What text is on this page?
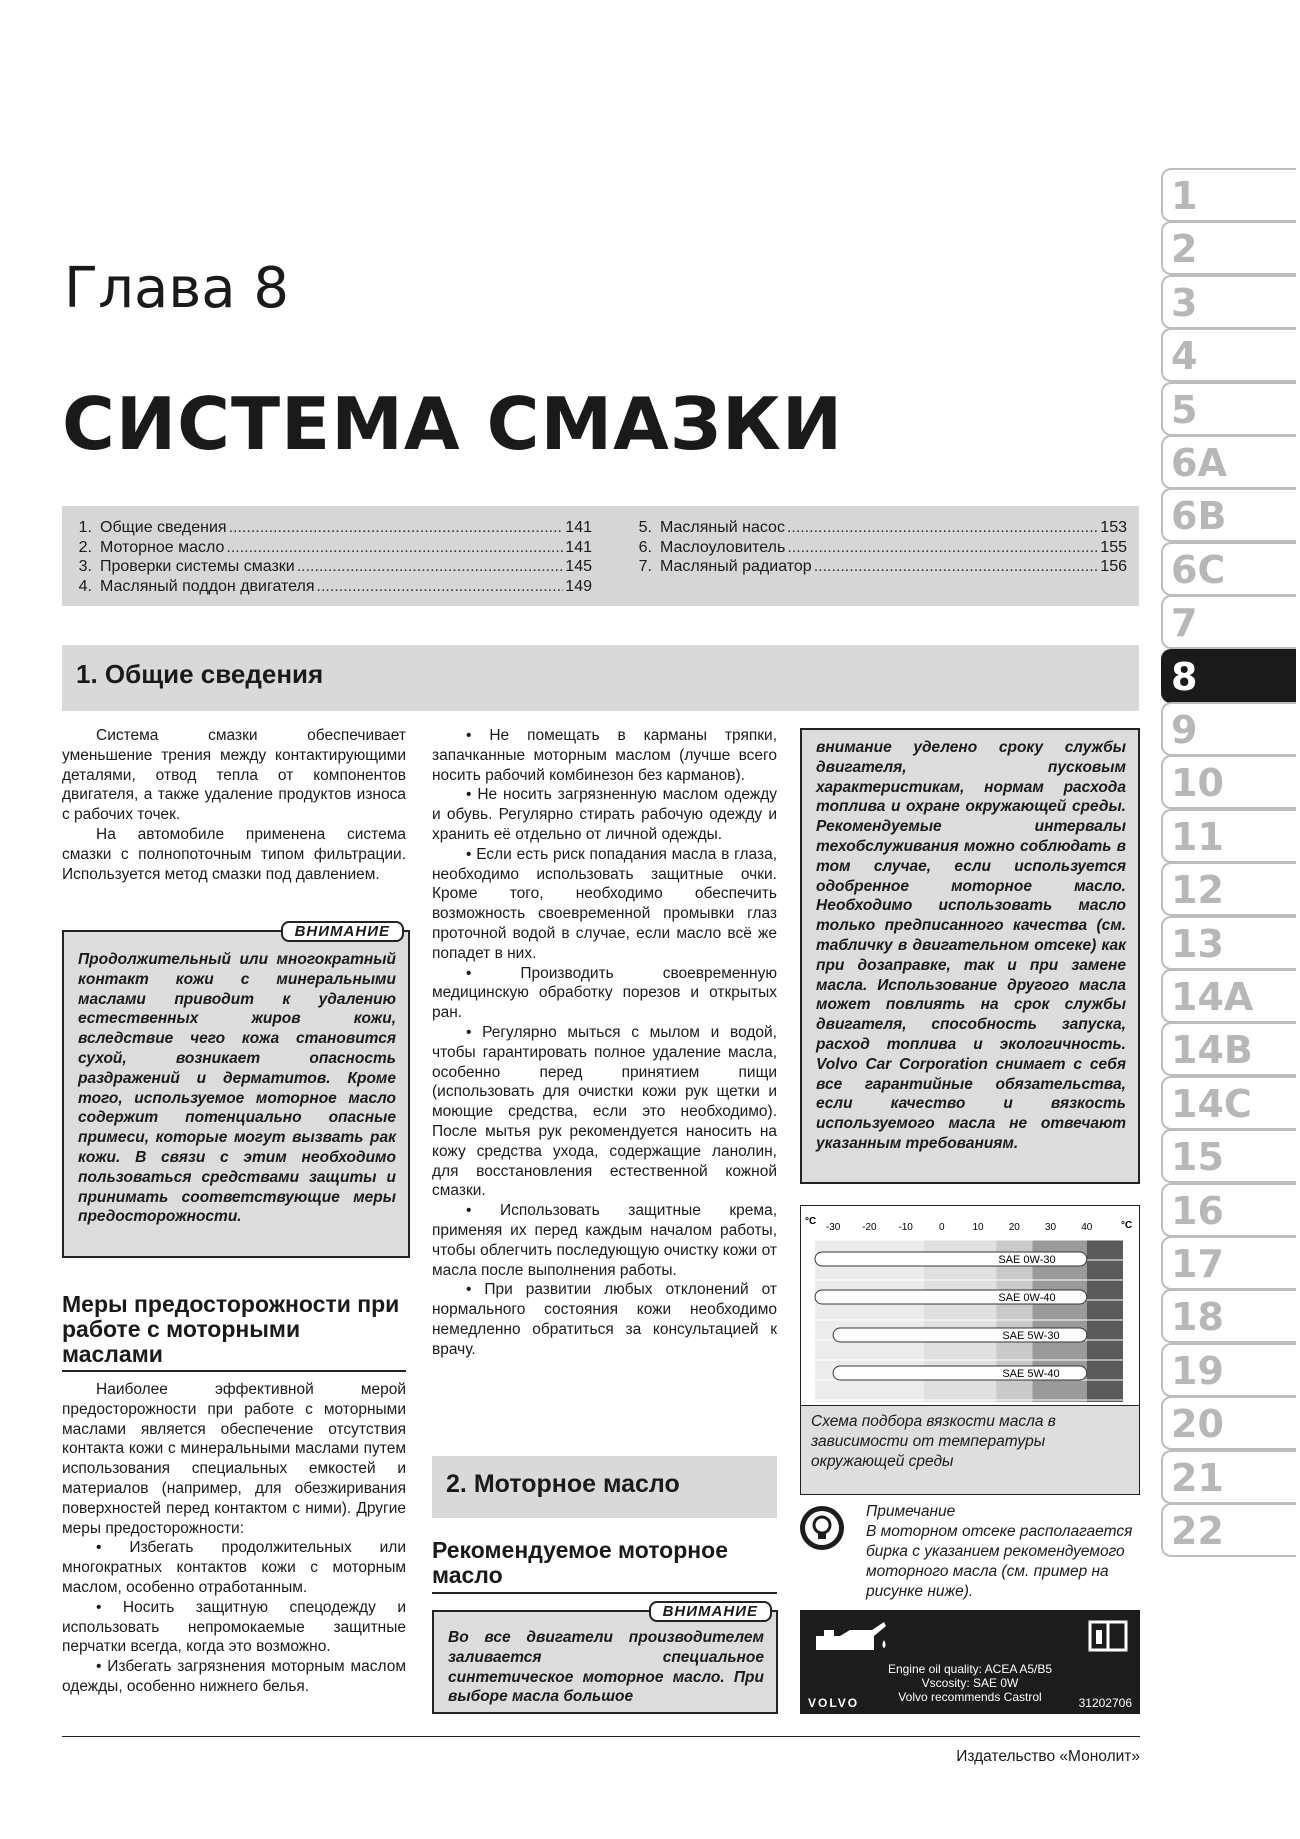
Глава 8
СИСТЕМА СМАЗКИ
1. Общие сведения .....	141
2. Моторное масло .....	141
3. Проверки системы смазки .....	145
4. Масляный поддон двигателя .....	149
5. Масляный насос .....	153
6. Маслоуловитель .....	155
7. Масляный радиатор .....	156
1. Общие сведения

Система смазки обеспечивает уменьшение трения между контактирующими деталями, отвод тепла от компонентов двигателя, а также удаление продуктов износа с рабочих точек.

На автомобиле применена система смазки с полнопоточным типом фильтрации. Используется метод смазки под давлением.

ВНИМАНИЕ
Продолжительный или многократный контакт кожи с минеральными маслами приводит к удалению естественных жиров кожи, вследствие чего кожа становится сухой, возникает опасность раздражений и дерматитов. Кроме того, используемое моторное масло содержит потенциально опасные примеси, которые могут вызвать рак кожи. В связи с этим необходимо пользоваться средствами защиты и принимать соответствующие меры предосторожности.
Меры предосторожности при работе с моторными маслами

Наиболее эффективной мерой предосторожности при работе с моторными маслами является обеспечение отсутствия контакта кожи с минеральными маслами путем использования специальных емкостей и материалов (например, для обезжиривания поверхностей перед контактом с ними). Другие меры предосторожности:

• Избегать продолжительных или многократных контактов кожи с моторным маслом, особенно отработанным.

• Носить защитную спецодежду и использовать непромокаемые защитные перчатки всегда, когда это возможно.

• Избегать загрязнения моторным маслом одежды, особенно нижнего белья.

• Не помещать в карманы тряпки, запачканные моторным маслом (лучше всего носить рабочий комбинезон без карманов).

• Не носить загрязненную маслом одежду и обувь. Регулярно стирать рабочую одежду и хранить её отдельно от личной одежды.

• Если есть риск попадания масла в глаза, необходимо использовать защитные очки. Кроме того, необходимо обеспечить возможность своевременной промывки глаз проточной водой в случае, если масло всё же попадет в них.

• Производить своевременную медицинскую обработку порезов и открытых ран.

• Регулярно мыться с мылом и водой, чтобы гарантировать полное удаление масла, особенно перед принятием пищи (использовать для очистки кожи рук щетки и моющие средства, если это необходимо). После мытья рук рекомендуется наносить на кожу средства ухода, содержащие ланолин, для восстановления естественной кожной смазки.

• Использовать защитные крема, применяя их перед каждым началом работы, чтобы облегчить последующую очистку кожи от масла после выполнения работы.

• При развитии любых отклонений от нормального состояния кожи необходимо немедленно обратиться за консультацией к врачу.

2. Моторное масло
Рекомендуемое моторное масло
ВНИМАНИЕ
Во все двигатели производителем заливается специальное синтетическое моторное масло. При выборе масла большое
внимание уделено сроку службы двигателя, пусковым характеристикам, нормам расхода топлива и охране окружающей среды. Рекомендуемые интервалы техобслуживания можно соблюдать в том случае, если используется одобренное моторное масло. Необходимо использовать масло только предписанного качества (см. табличку в двигательном отсеке) как при дозаправке, так и при замене масла. Использование другого масла может повлиять на срок службы двигателя, способность запуска, расход топлива и экологичность. Volvo Car Corporation снимает с себя все гарантийные обязательства, если качество и вязкость используемого масла не отвечают указанным требованиям.
°C	°C
-30 -20 -10	0	10	20	30	40
SAE 0W-30
SAE 0W-40
SAE 5W-30
SAE 5W-40
Схема подбора вязкости масла в зависимости от температуры окружающей среды
Примечание
В моторном отсеке располагается бирка с указанием рекомендуемого моторного масла (см. пример на рисунке ниже).
Engine oil quality: ACEA A5/B5
Vscosity: SAE 0W
Volvo recommends Castrol
VOLVO	31202706
Издательство «Монолит»
1
2
3
4
5
6A
6B
6C
7
8
9
10
11
12
13
14A
14B
14C
15
16
17
18
19
20
21
22
